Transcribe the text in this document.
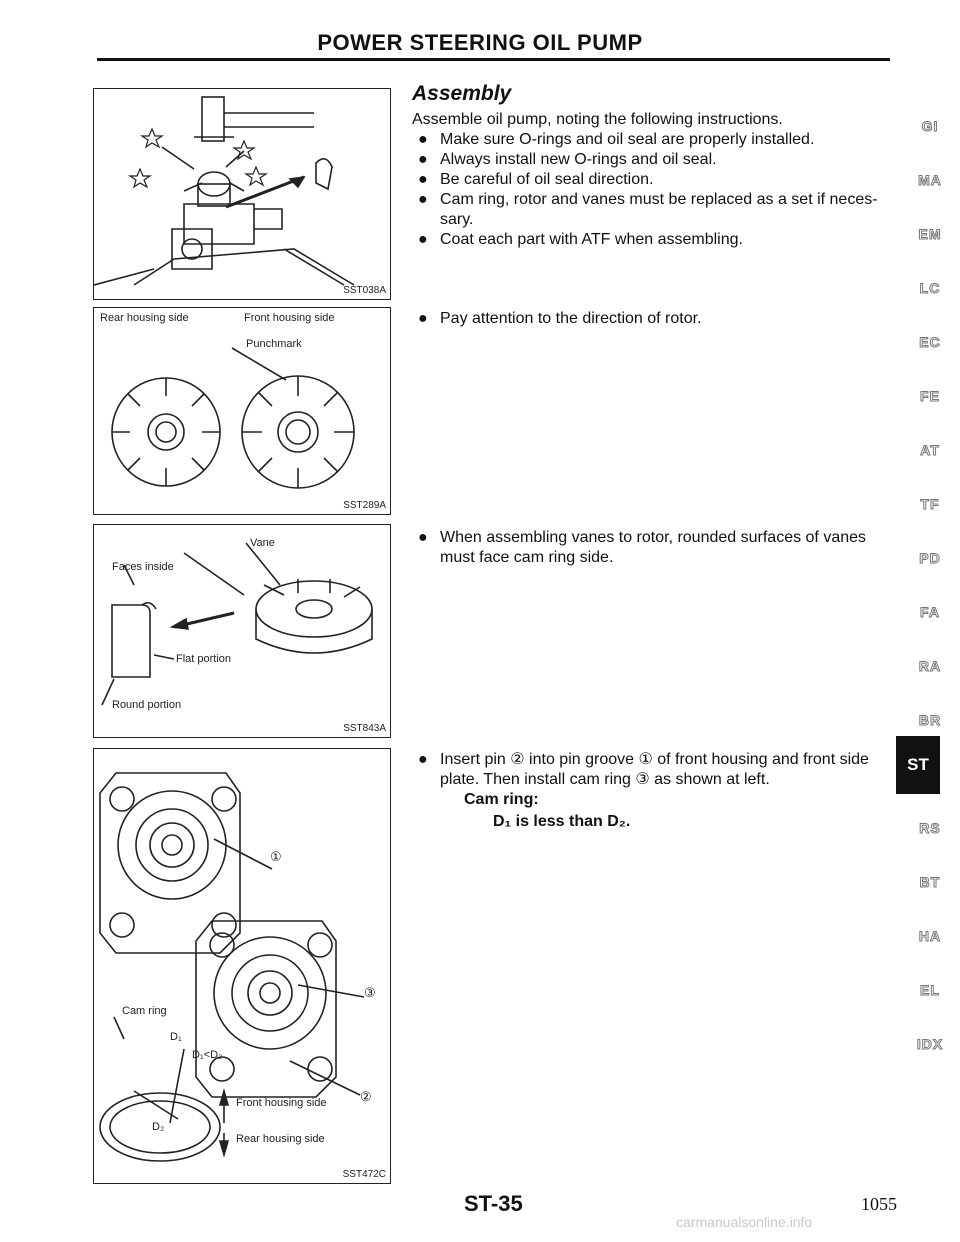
POWER STEERING OIL PUMP
SST038A
Rear housing side	Front housing side
Punchmark
SST289A
Faces inside
Vane
Flat portion
Round portion
SST843A
①
③
②
Cam ring
D₁
D₁<D₂
D₂
Front housing side
Rear housing side
SST472C
Assembly
Assemble oil pump, noting the following instructions.
● Make sure O-rings and oil seal are properly installed.
● Always install new O-rings and oil seal.
● Be careful of oil seal direction.
● Cam ring, rotor and vanes must be replaced as a set if neces-
sary.
● Coat each part with ATF when assembling.
● Pay attention to the direction of rotor.
● When assembling vanes to rotor, rounded surfaces of vanes
must face cam ring side.
● Insert pin ② into pin groove ① of front housing and front side
plate. Then install cam ring ③ as shown at left.
Cam ring:
D₁ is less than D₂.
GI
MA
EM
LC
EC
FE
AT
TF
PD
FA
RA
BR
ST
RS
BT
HA
EL
IDX
ST-35	1055
carmanualsonline.info
